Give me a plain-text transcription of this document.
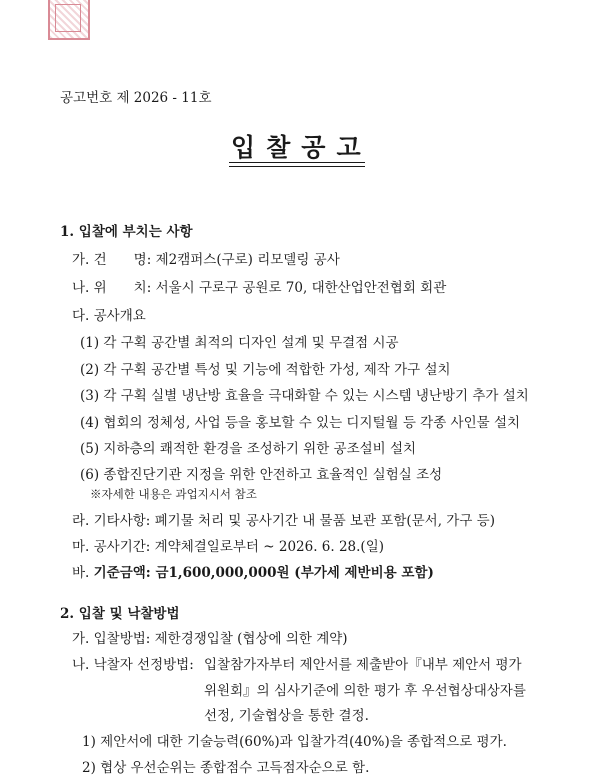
공고번호 제 2026 - 11호
입찰공고
1. 입찰에 부치는 사항
가. 건　　명: 제2캠퍼스(구로) 리모델링 공사
나. 위　　치: 서울시 구로구 공원로 70, 대한산업안전협회 회관
다. 공사개요
(1) 각 구획 공간별 최적의 디자인 설계 및 무결점 시공
(2) 각 구획 공간별 특성 및 기능에 적합한 가성, 제작 가구 설치
(3) 각 구획 실별 냉난방 효율을 극대화할 수 있는 시스템 냉난방기 추가 설치
(4) 협회의 정체성, 사업 등을 홍보할 수 있는 디지털월 등 각종 사인물 설치
(5) 지하층의 쾌적한 환경을 조성하기 위한 공조설비 설치
(6) 종합진단기관 지정을 위한 안전하고 효율적인 실험실 조성
※자세한 내용은 과업지시서 참조
라. 기타사항: 폐기물 처리 및 공사기간 내 물품 보관 포함(문서, 가구 등)
마. 공사기간: 계약체결일로부터 ~ 2026. 6. 28.(일)
바. 기준금액: 금1,600,000,000원 (부가세 제반비용 포함)
2. 입찰 및 낙찰방법
가. 입찰방법: 제한경쟁입찰 (협상에 의한 계약)
나. 낙찰자 선정방법: 입찰참가자부터 제안서를 제출받아『내부 제안서 평가
위원회』의 심사기준에 의한 평가 후 우선협상대상자를
선정, 기술협상을 통한 결정.
1) 제안서에 대한 기술능력(60%)과 입찰가격(40%)을 종합적으로 평가.
2) 협상 우선순위는 종합점수 고득점자순으로 함.
